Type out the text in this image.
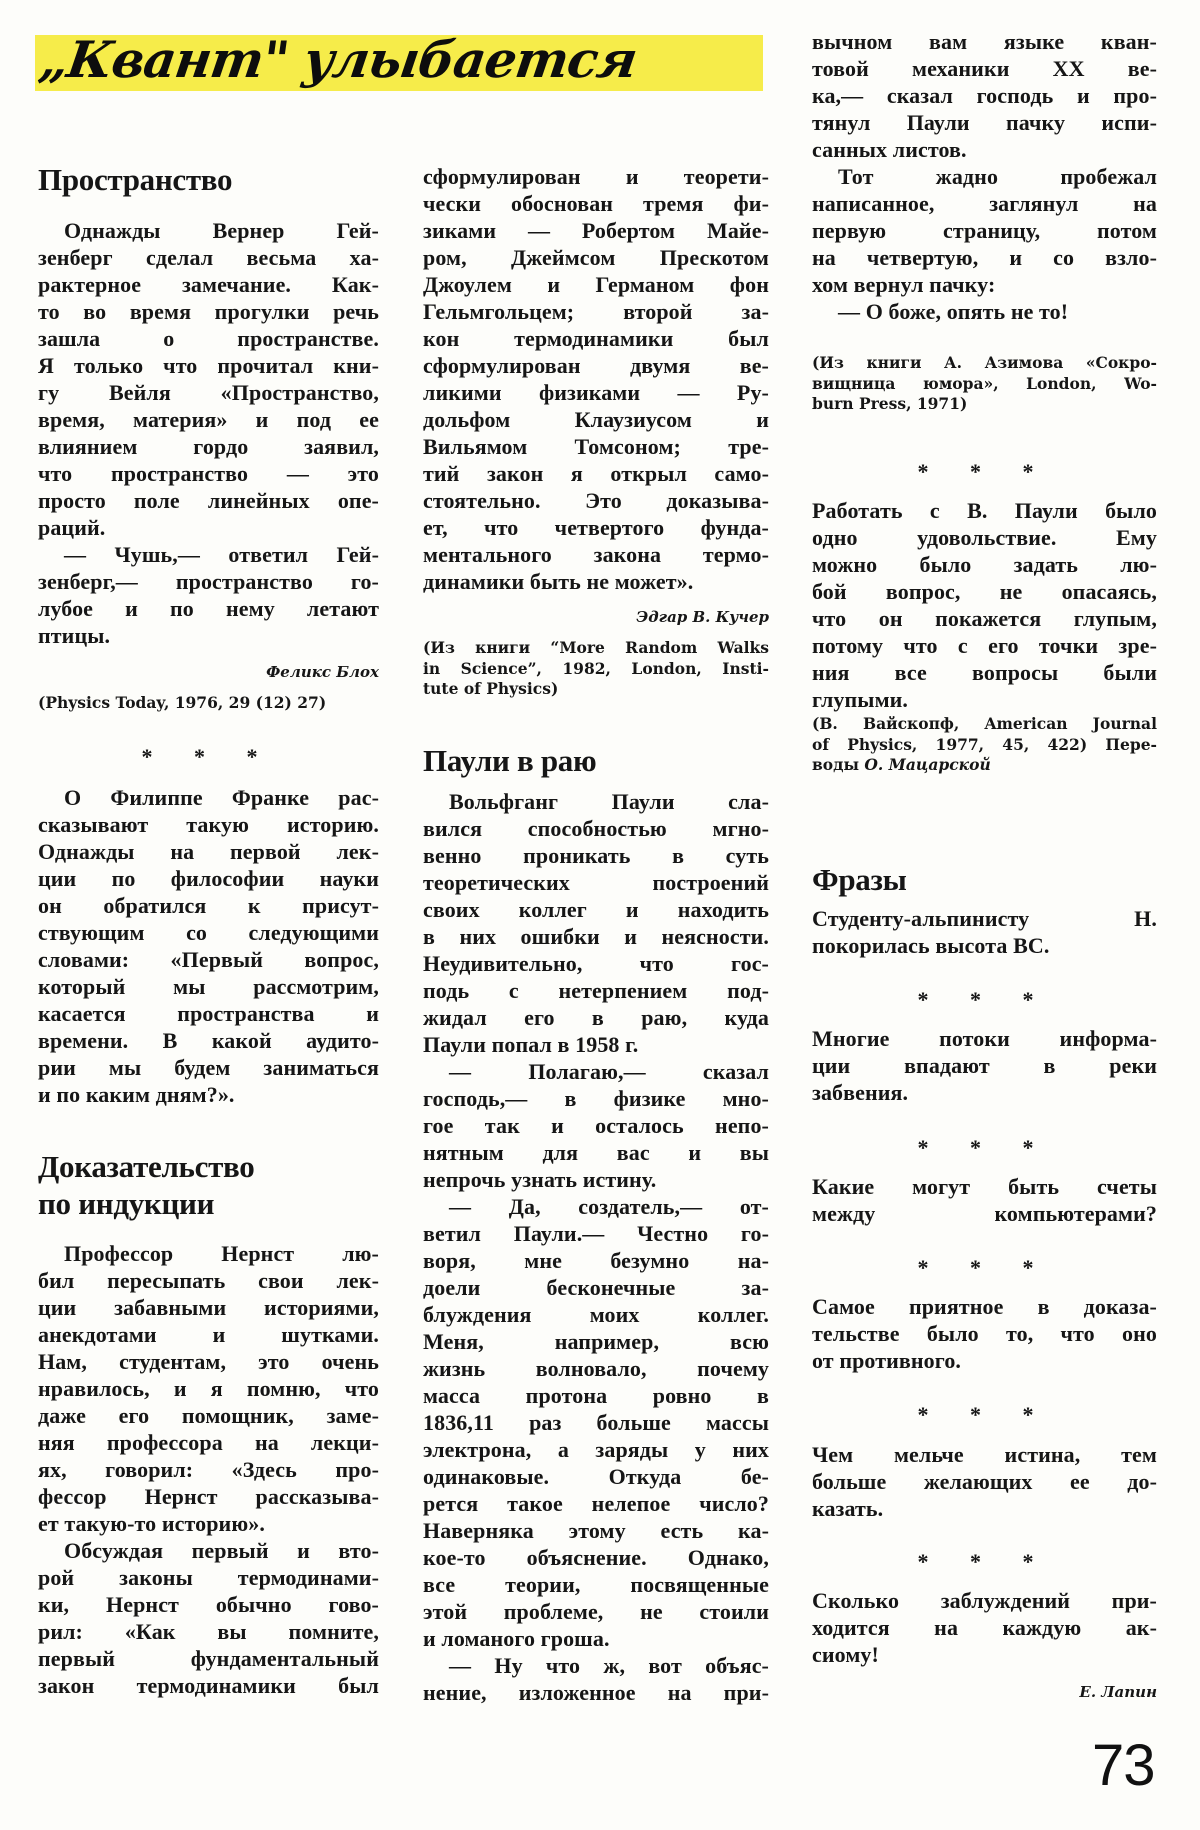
„Квант" улыбается
Пространство
Однажды Вернер Гей-
зенберг сделал весьма ха-
рактерное замечание. Как-
то во время прогулки речь
зашла о пространстве.
Я только что прочитал кни-
гу Вейля «Пространство,
время, материя» и под ее
влиянием гордо заявил,
что пространство — это
просто поле линейных опе-
раций.
— Чушь,— ответил Гей-
зенберг,— пространство го-
лубое и по нему летают
птицы.
Феликс Блох
(Physics Today, 1976, 29 (12) 27)
* * *
О Филиппе Франке рас-
сказывают такую историю.
Однажды на первой лек-
ции по философии науки
он обратился к присут-
ствующим со следующими
словами: «Первый вопрос,
который мы рассмотрим,
касается пространства и
времени. В какой аудито-
рии мы будем заниматься
и по каким дням?».
Доказательство
по индукции
Профессор Нернст лю-
бил пересыпать свои лек-
ции забавными историями,
анекдотами и шутками.
Нам, студентам, это очень
нравилось, и я помню, что
даже его помощник, заме-
няя профессора на лекци-
ях, говорил: «Здесь про-
фессор Нернст рассказыва-
ет такую-то историю».
Обсуждая первый и вто-
рой законы термодинами-
ки, Нернст обычно гово-
рил: «Как вы помните,
первый фундаментальный
закон термодинамики был
сформулирован и теорети-
чески обоснован тремя фи-
зиками — Робертом Майе-
ром, Джеймсом Прескотом
Джоулем и Германом фон
Гельмгольцем; второй за-
кон термодинамики был
сформулирован двумя ве-
ликими физиками — Ру-
дольфом Клаузиусом и
Вильямом Томсоном; тре-
тий закон я открыл само-
стоятельно. Это доказыва-
ет, что четвертого фунда-
ментального закона термо-
динамики быть не может».
Эдгар В. Кучер
(Из книги “More Random Walks
in Science”, 1982, London, Insti-
tute of Physics)
Паули в раю
Вольфганг Паули сла-
вился способностью мгно-
венно проникать в суть
теоретических построений
своих коллег и находить
в них ошибки и неясности.
Неудивительно, что гос-
подь с нетерпением под-
жидал его в раю, куда
Паули попал в 1958 г.
— Полагаю,— сказал
господь,— в физике мно-
гое так и осталось непо-
нятным для вас и вы
непрочь узнать истину.
— Да, создатель,— от-
ветил Паули.— Честно го-
воря, мне безумно на-
доели бесконечные за-
блуждения моих коллег.
Меня, например, всю
жизнь волновало, почему
масса протона ровно в
1836,11 раз больше массы
электрона, а заряды у них
одинаковые. Откуда бе-
рется такое нелепое число?
Наверняка этому есть ка-
кое-то объяснение. Однако,
все теории, посвященные
этой проблеме, не стоили
и ломаного гроша.
— Ну что ж, вот объяс-
нение, изложенное на при-
вычном вам языке кван-
товой механики XX ве-
ка,— сказал господь и про-
тянул Паули пачку испи-
санных листов.
Тот жадно пробежал
написанное, заглянул на
первую страницу, потом
на четвертую, и со взло-
хом вернул пачку:
— О боже, опять не то!
(Из книги А. Азимова «Сокро-
вищница юмора», London, Wo-
burn Press, 1971)
* * *
Работать с В. Паули было
одно удовольствие. Ему
можно было задать лю-
бой вопрос, не опасаясь,
что он покажется глупым,
потому что с его точки зре-
ния все вопросы были
глупыми.
(В. Вайскопф, American Journal
of Physics, 1977, 45, 422) Пере-
воды О. Мацарской
Фразы
Студенту-альпинисту Н.
покорилась высота ВС.
* * *
Многие потоки информа-
ции впадают в реки
забвения.
* * *
Какие могут быть счеты
между компьютерами?
* * *
Самое приятное в доказа-
тельстве было то, что оно
от противного.
* * *
Чем мельче истина, тем
больше желающих ее до-
казать.
* * *
Сколько заблуждений при-
ходится на каждую ак-
сиому!
Е. Лапин
73
